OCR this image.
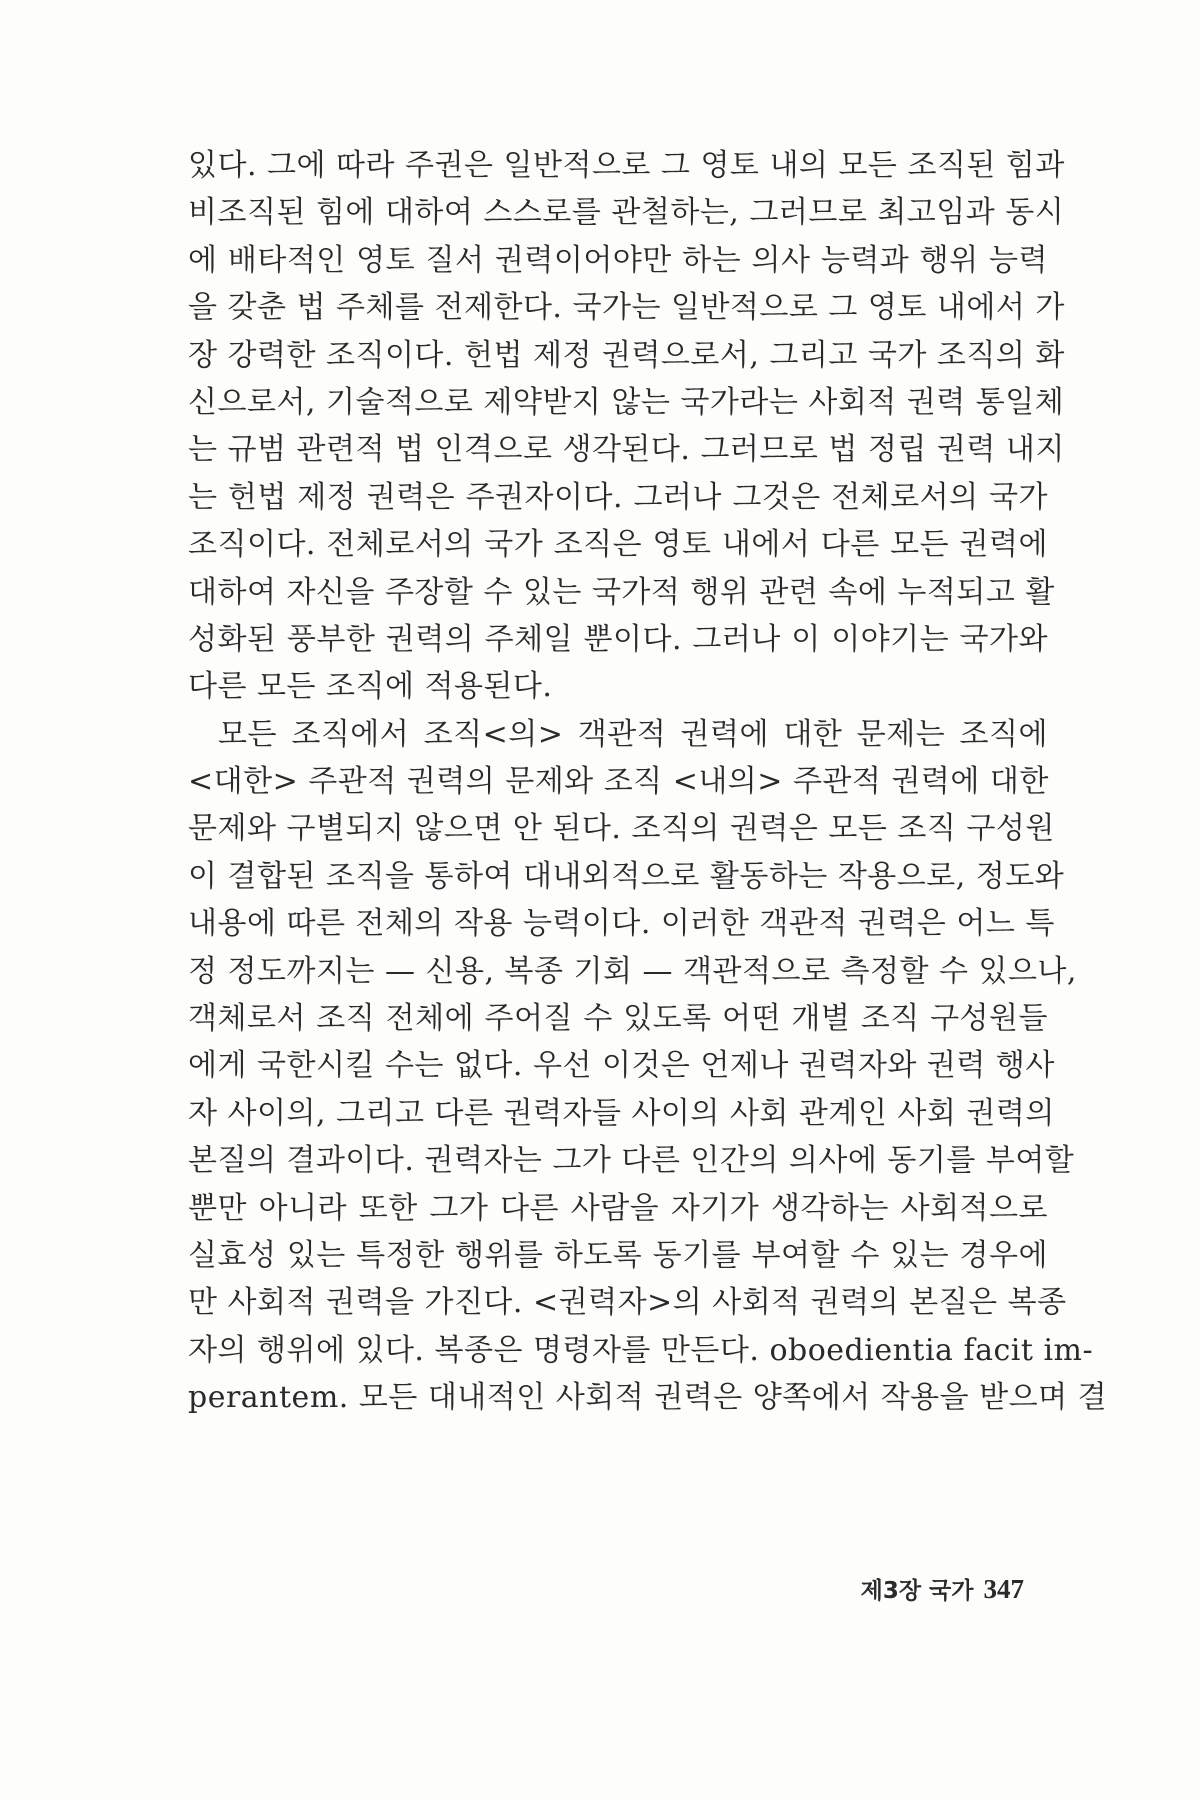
있다. 그에 따라 주권은 일반적으로 그 영토 내의 모든 조직된 힘과
비조직된 힘에 대하여 스스로를 관철하는, 그러므로 최고임과 동시
에 배타적인 영토 질서 권력이어야만 하는 의사 능력과 행위 능력
을 갖춘 법 주체를 전제한다. 국가는 일반적으로 그 영토 내에서 가
장 강력한 조직이다. 헌법 제정 권력으로서, 그리고 국가 조직의 화
신으로서, 기술적으로 제약받지 않는 국가라는 사회적 권력 통일체
는 규범 관련적 법 인격으로 생각된다. 그러므로 법 정립 권력 내지
는 헌법 제정 권력은 주권자이다. 그러나 그것은 전체로서의 국가
조직이다. 전체로서의 국가 조직은 영토 내에서 다른 모든 권력에
대하여 자신을 주장할 수 있는 국가적 행위 관련 속에 누적되고 활
성화된 풍부한 권력의 주체일 뿐이다. 그러나 이 이야기는 국가와
다른 모든 조직에 적용된다.
모든 조직에서 조직<의> 객관적 권력에 대한 문제는 조직에
<대한> 주관적 권력의 문제와 조직 <내의> 주관적 권력에 대한
문제와 구별되지 않으면 안 된다. 조직의 권력은 모든 조직 구성원
이 결합된 조직을 통하여 대내외적으로 활동하는 작용으로, 정도와
내용에 따른 전체의 작용 능력이다. 이러한 객관적 권력은 어느 특
정 정도까지는 — 신용, 복종 기회 — 객관적으로 측정할 수 있으나,
객체로서 조직 전체에 주어질 수 있도록 어떤 개별 조직 구성원들
에게 국한시킬 수는 없다. 우선 이것은 언제나 권력자와 권력 행사
자 사이의, 그리고 다른 권력자들 사이의 사회 관계인 사회 권력의
본질의 결과이다. 권력자는 그가 다른 인간의 의사에 동기를 부여할
뿐만 아니라 또한 그가 다른 사람을 자기가 생각하는 사회적으로
실효성 있는 특정한 행위를 하도록 동기를 부여할 수 있는 경우에
만 사회적 권력을 가진다. <권력자>의 사회적 권력의 본질은 복종
자의 행위에 있다. 복종은 명령자를 만든다. oboedientia facit im-
perantem. 모든 대내적인 사회적 권력은 양쪽에서 작용을 받으며 결
제3장 국가 347
